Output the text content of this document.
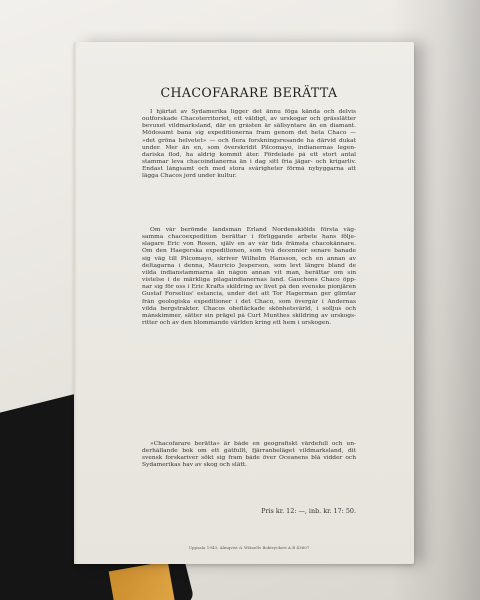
CHACOFARARE BERÄTTA
I hjärtat av Sydamerika ligger det ännu föga kända och delvis
outforskade Chacoterritoriet, ett väldigt, av urskogar och grässlätter
bevuxet vildmarksland, där en gråsten är sällsyntare än en diamant.
Mödosamt bana sig expeditionerna fram genom det heta Chaco —
»det gröna helvetet» — och flera forskningsresande ha därvid dukat
under. Mer än en, som överskridit Pilcomayo, indianernas legen-
dariska flod, ha aldrig kommit åter. Fördelade på ett stort antal
stammar leva chacoindianerna än i dag sitt fria jägar- och krigarliv.
Endast långsamt och med stora svårigheter förmå nybyggarna att
lägga Chacos jord under kultur.
Om vår berömde landsman Erland Nordenskiölds första väg-
samma chacoexpedition berättar i förliggande arbete hans följe-
slagare Eric von Rosen, själv en av vår tids främsta chacokännare.
Om den Haegerska expeditionen, som två decennier senare banade
sig väg till Pilcomayo, skriver Wilhelm Hansson, och en annan av
deltagarna i denna, Mauricio Jesperson, som levt längre bland de
vilda indianstammarna än någon annan vit man, berättar om sin
vistelse i de märkliga pilagaindianernas land. Gauchons Chaco öpp-
nar sig för oss i Eric Krafts skildring av livet på den svenske pionjären
Gustaf Forselius' estancia, under det att Tor Hagerman ger glimtar
från geologiska expeditioner i det Chaco, som övergår i Andernas
vilda bergstrakter. Chacos obefläckade skönhetsvärld, i solljus och
månskimmer, sätter sin prägel på Curt Munthes skildring av urskogs-
ritter och av den blommande världen kring ett hem i urskogen.
»Chacofarare berätta» är både en geografiskt värdefull och un-
derhållande bok om ett gåtfullt, fjärranbeläget vildmarksland, dit
svensk forskariver sökt sig fram både över Oceanens blå vidder och
Sydamerikas hav av skog och slätt.
Pris kr. 12: —, inb. kr. 17: 50.
Uppsala 1943. Almqvist & Wiksells Boktryckeri A.B 43607
